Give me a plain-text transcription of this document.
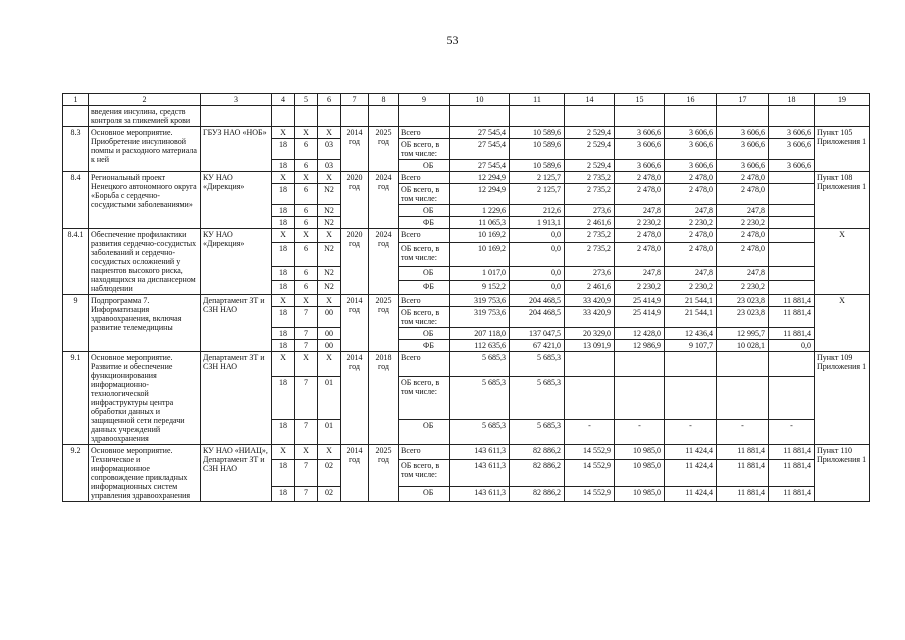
53
1	2	3	4	5	6	7	8	9	10	11	14	15	16	17	18	19
	введения инсулина, средств контроля за гликемией крови															
8.3	Основное мероприятие. Приобретение инсулиновой помпы и расходного материала к ней	ГБУЗ НАО «НОБ»	Х	Х	Х	2014 год	2025 год	Всего	27 545,4	10 589,6	2 529,4	3 606,6	3 606,6	3 606,6	3 606,6	Пункт 105 Приложения 1
			18	6	03			ОБ всего, в том числе:	27 545,4	10 589,6	2 529,4	3 606,6	3 606,6	3 606,6	3 606,6	
			18	6	03			ОБ	27 545,4	10 589,6	2 529,4	3 606,6	3 606,6	3 606,6	3 606,6	
8.4	Региональный проект Ненецкого автономного округа «Борьба с сердечно-сосудистыми заболеваниями»	КУ НАО «Дирекция»	Х	Х	Х	2020 год	2024 год	Всего	12 294,9	2 125,7	2 735,2	2 478,0	2 478,0	2 478,0		Пункт 108 Приложения 1
			18	6	N2			ОБ всего, в том числе:	12 294,9	2 125,7	2 735,2	2 478,0	2 478,0	2 478,0		
			18	6	N2			ОБ	1 229,6	212,6	273,6	247,8	247,8	247,8		
			18	6	N2			ФБ	11 065,3	1 913,1	2 461,6	2 230,2	2 230,2	2 230,2		
8.4.1	Обеспечение профилактики развития сердечно-сосудистых заболеваний и сердечно-сосудистых осложнений у пациентов высокого риска, находящихся на диспансерном наблюдении	КУ НАО «Дирекция»	Х	Х	Х	2020 год	2024 год	Всего	10 169,2	0,0	2 735,2	2 478,0	2 478,0	2 478,0		Х
			18	6	N2			ОБ всего, в том числе:	10 169,2	0,0	2 735,2	2 478,0	2 478,0	2 478,0		
			18	6	N2			ОБ	1 017,0	0,0	273,6	247,8	247,8	247,8		
			18	6	N2			ФБ	9 152,2	0,0	2 461,6	2 230,2	2 230,2	2 230,2		
9	Подпрограмма 7. Информатизация здравоохранения, включая развитие телемедицины	Департамент ЗТ и СЗН НАО	Х	Х	Х	2014 год	2025 год	Всего	319 753,6	204 468,5	33 420,9	25 414,9	21 544,1	23 023,8	11 881,4	Х
			18	7	00			ОБ всего, в том числе:	319 753,6	204 468,5	33 420,9	25 414,9	21 544,1	23 023,8	11 881,4	
			18	7	00			ОБ	207 118,0	137 047,5	20 329,0	12 428,0	12 436,4	12 995,7	11 881,4	
			18	7	00			ФБ	112 635,6	67 421,0	13 091,9	12 986,9	9 107,7	10 028,1	0,0	
9.1	Основное мероприятие. Развитие и обеспечение функционирования информационно-технологической инфраструктуры центра обработки данных и защищенной сети передачи данных учреждений здравоохранения	Департамент ЗТ и СЗН НАО	Х	Х	Х	2014 год	2018 год	Всего	5 685,3	5 685,3						Пункт 109 Приложения 1
			18	7	01			ОБ всего, в том числе:	5 685,3	5 685,3						
			18	7	01			ОБ	5 685,3	5 685,3	-	-	-	-	-	
9.2	Основное мероприятие. Техническое и информационное сопровождение прикладных информационных систем управления здравоохранения	КУ НАО «НИАЦ», Департамент ЗТ и СЗН НАО	Х	Х	Х	2014 год	2025 год	Всего	143 611,3	82 886,2	14 552,9	10 985,0	11 424,4	11 881,4	11 881,4	Пункт 110 Приложения 1
			18	7	02			ОБ всего, в том числе:	143 611,3	82 886,2	14 552,9	10 985,0	11 424,4	11 881,4	11 881,4	
			18	7	02			ОБ	143 611,3	82 886,2	14 552,9	10 985,0	11 424,4	11 881,4	11 881,4	
